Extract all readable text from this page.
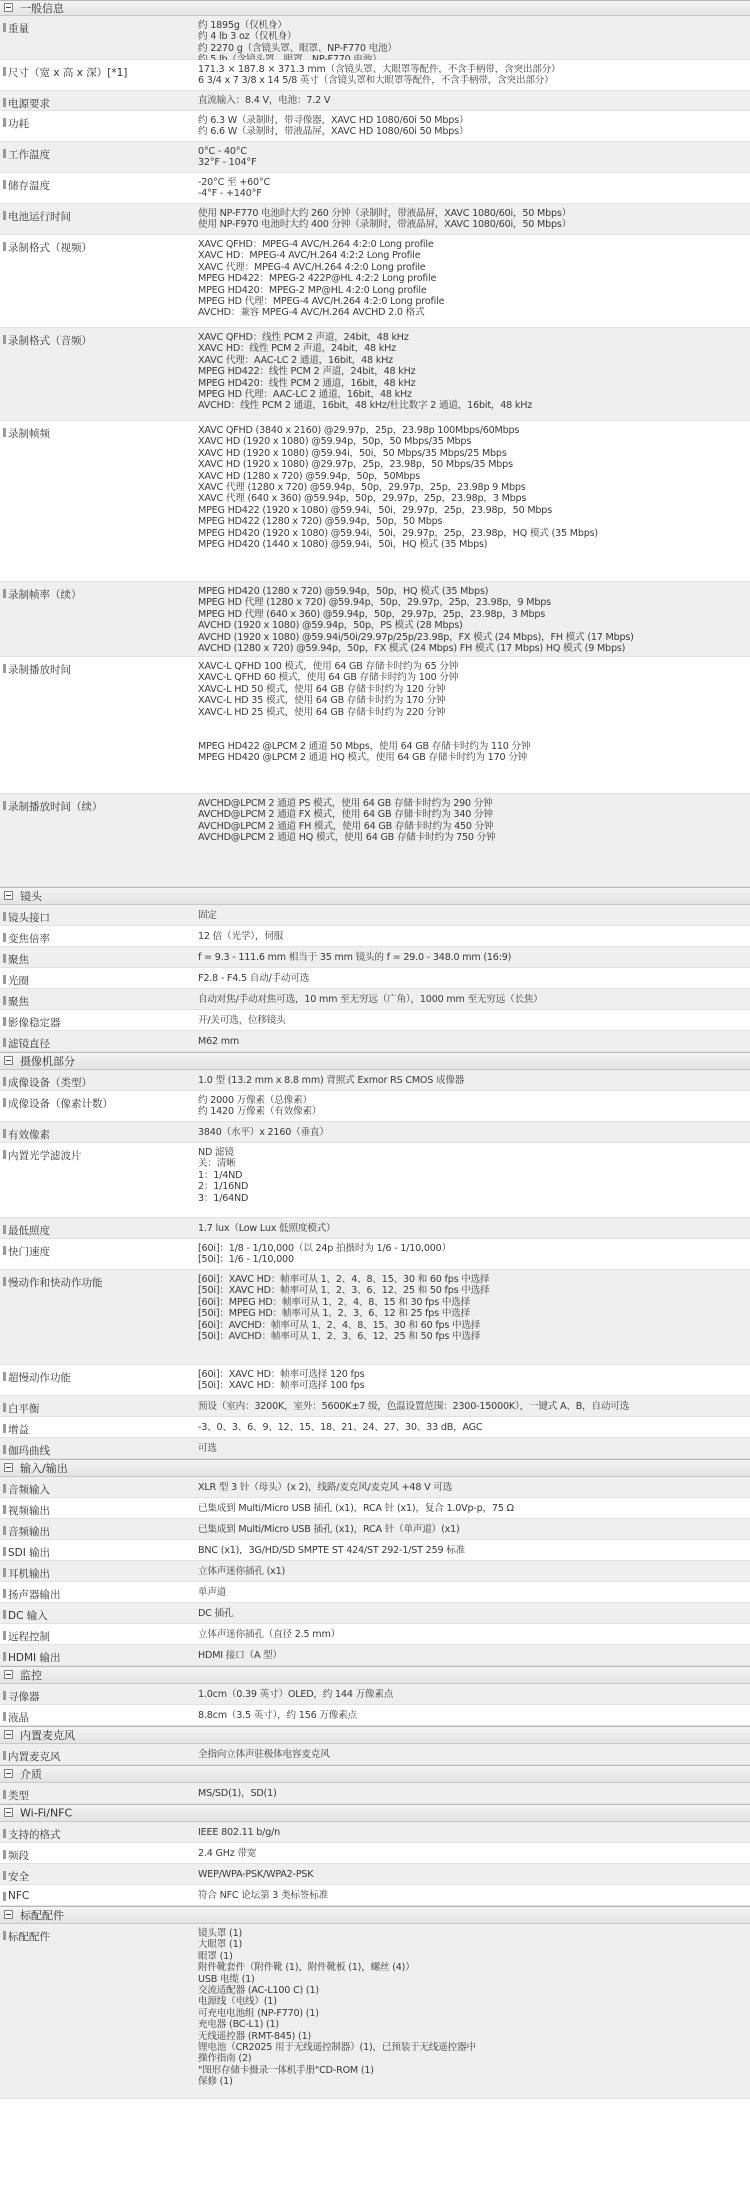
一般信息
重量	约 1895g（仅机身）
约 4 lb 3 oz（仅机身）
约 2270 g（含镜头罩、眼罩、NP-F770 电池）
尺寸（宽 x 高 x 深）[*1]	171.3 × 187.8 × 371.3 mm（含镜头罩、大眼罩等配件，不含手柄带，含突出部分）
6 3/4 x 7 3/8 x 14 5/8 英寸（含镜头罩和大眼罩等配件，不含手柄带，含突出部分）
电源要求	直流输入：8.4 V，电池：7.2 V
功耗	约 6.3 W（录制时，带寻像器，XAVC HD 1080/60i 50 Mbps）
约 6.6 W（录制时，带液晶屏，XAVC HD 1080/60i 50 Mbps）
工作温度	0°C - 40°C
32°F - 104°F
储存温度	-20°C 至 +60°C
-4°F - +140°F
电池运行时间	使用 NP-F770 电池时大约 260 分钟（录制时，带液晶屏，XAVC 1080/60i，50 Mbps）
使用 NP-F970 电池时大约 400 分钟（录制时，带液晶屏，XAVC 1080/60i，50 Mbps）
录制格式（视频）	XAVC QFHD：MPEG-4 AVC/H.264 4:2:0 Long profile
XAVC HD：MPEG-4 AVC/H.264 4:2:2 Long Profile
XAVC 代理：MPEG-4 AVC/H.264 4:2:0 Long profile
MPEG HD422：MPEG-2 422P@HL 4:2:2 Long profile
MPEG HD420：MPEG-2 MP@HL 4:2:0 Long profile
MPEG HD 代理：MPEG-4 AVC/H.264 4:2:0 Long profile
AVCHD：兼容 MPEG-4 AVC/H.264 AVCHD 2.0 格式
录制格式（音频）	XAVC QFHD：线性 PCM 2 声道，24bit，48 kHz
XAVC HD：线性 PCM 2 声道，24bit，48 kHz
XAVC 代理：AAC-LC 2 通道，16bit，48 kHz
MPEG HD422：线性 PCM 2 声道，24bit，48 kHz
MPEG HD420：线性 PCM 2 通道，16bit，48 kHz
MPEG HD 代理：AAC-LC 2 通道，16bit，48 kHz
AVCHD：线性 PCM 2 通道，16bit，48 kHz/杜比数字 2 通道，16bit，48 kHz
录制帧频	XAVC QFHD (3840 x 2160) @29.97p，25p，23.98p 100Mbps/60Mbps
XAVC HD (1920 x 1080) @59.94p，50p，50 Mbps/35 Mbps
XAVC HD (1920 x 1080) @59.94i，50i，50 Mbps/35 Mbps/25 Mbps
XAVC HD (1920 x 1080) @29.97p，25p，23.98p，50 Mbps/35 Mbps
XAVC HD (1280 x 720) @59.94p，50p，50Mbps
XAVC 代理 (1280 x 720) @59.94p，50p，29.97p，25p，23.98p 9 Mbps
XAVC 代理 (640 x 360) @59.94p，50p，29.97p，25p，23.98p，3 Mbps
MPEG HD422 (1920 x 1080) @59.94i，50i，29.97p，25p，23.98p，50 Mbps
MPEG HD422 (1280 x 720) @59.94p，50p，50 Mbps
MPEG HD420 (1920 x 1080) @59.94i，50i，29.97p，25p，23.98p，HQ 模式 (35 Mbps)
MPEG HD420 (1440 x 1080) @59.94i，50i，HQ 模式 (35 Mbps)
录制帧率（续）	MPEG HD420 (1280 x 720) @59.94p，50p，HQ 模式 (35 Mbps)
MPEG HD 代理 (1280 x 720) @59.94p，50p，29.97p，25p，23.98p，9 Mbps
MPEG HD 代理 (640 x 360) @59.94p，50p，29.97p，25p，23.98p，3 Mbps
AVCHD (1920 x 1080) @59.94p，50p，PS 模式 (28 Mbps)
AVCHD (1920 x 1080) @59.94i/50i/29.97p/25p/23.98p，FX 模式 (24 Mbps)，FH 模式 (17 Mbps)
AVCHD (1280 x 720) @59.94p，50p，FX 模式 (24 Mbps) FH 模式 (17 Mbps) HQ 模式 (9 Mbps)
录制播放时间	XAVC-L QFHD 100 模式，使用 64 GB 存储卡时约为 65 分钟
XAVC-L QFHD 60 模式，使用 64 GB 存储卡时约为 100 分钟
XAVC-L HD 50 模式，使用 64 GB 存储卡时约为 120 分钟
XAVC-L HD 35 模式，使用 64 GB 存储卡时约为 170 分钟
XAVC-L HD 25 模式，使用 64 GB 存储卡时约为 220 分钟
MPEG HD422 @LPCM 2 通道 50 Mbps，使用 64 GB 存储卡时约为 110 分钟
MPEG HD420 @LPCM 2 通道 HQ 模式，使用 64 GB 存储卡时约为 170 分钟
录制播放时间（续）	AVCHD@LPCM 2 通道 PS 模式，使用 64 GB 存储卡时约为 290 分钟
AVCHD@LPCM 2 通道 FX 模式，使用 64 GB 存储卡时约为 340 分钟
AVCHD@LPCM 2 通道 FH 模式，使用 64 GB 存储卡时约为 450 分钟
AVCHD@LPCM 2 通道 HQ 模式，使用 64 GB 存储卡时约为 750 分钟
镜头
镜头接口	固定
变焦倍率	12 倍（光学），伺服
聚焦	f = 9.3 - 111.6 mm 相当于 35 mm 镜头的 f = 29.0 - 348.0 mm (16:9)
光圈	F2.8 - F4.5 自动/手动可选
聚焦	自动对焦/手动对焦可选，10 mm 至无穷远（广角），1000 mm 至无穷远（长焦）
影像稳定器	开/关可选，位移镜头
滤镜直径	M62 mm
摄像机部分
成像设备（类型）	1.0 型 (13.2 mm x 8.8 mm) 背照式 Exmor RS CMOS 成像器
成像设备（像素计数）	约 2000 万像素（总像素）
约 1420 万像素（有效像素）
有效像素	3840（水平）x 2160（垂直）
内置光学滤波片	ND 滤镜
关：清晰
1：1/4ND
2：1/16ND
3：1/64ND
最低照度	1.7 lux（Low Lux 低照度模式）
快门速度	[60i]：1/8 - 1/10,000（以 24p 拍摄时为 1/6 - 1/10,000）
[50i]：1/6 - 1/10,000
慢动作和快动作功能	[60i]：XAVC HD：帧率可从 1、2、4、8、15、30 和 60 fps 中选择
[50i]：XAVC HD：帧率可从 1、2、3、6、12、25 和 50 fps 中选择
[60i]：MPEG HD：帧率可从 1、2、4、8、15 和 30 fps 中选择
[50i]：MPEG HD：帧率可从 1、2、3、6、12 和 25 fps 中选择
[60i]：AVCHD：帧率可从 1、2、4、8、15、30 和 60 fps 中选择
[50i]：AVCHD：帧率可从 1、2、3、6、12、25 和 50 fps 中选择
超慢动作功能	[60i]：XAVC HD：帧率可选择 120 fps
[50i]：XAVC HD：帧率可选择 100 fps
白平衡	预设（室内：3200K，室外：5600K±7 级，色温设置范围：2300-15000K），一键式 A、B，自动可选
增益	-3、0、3、6、9、12、15、18、21、24、27、30、33 dB，AGC
伽玛曲线	可选
输入/输出
音频输入	XLR 型 3 针（母头）(x 2)，线路/麦克风/麦克风 +48 V 可选
视频输出	已集成到 Multi/Micro USB 插孔 (x1)，RCA 针 (x1)，复合 1.0Vp-p，75 Ω
音频输出	已集成到 Multi/Micro USB 插孔 (x1)，RCA 针（单声道）(x1)
SDI 输出	BNC (x1)，3G/HD/SD SMPTE ST 424/ST 292-1/ST 259 标准
耳机输出	立体声迷你插孔 (x1)
扬声器输出	单声道
DC 输入	DC 插孔
远程控制	立体声迷你插孔（直径 2.5 mm）
HDMI 输出	HDMI 接口（A 型）
监控
寻像器	1.0cm（0.39 英寸）OLED，约 144 万像素点
液晶	8.8cm（3.5 英寸），约 156 万像素点
内置麦克风
内置麦克风	全指向立体声驻极体电容麦克风
介质
类型	MS/SD(1)，SD(1)
Wi-Fi/NFC
支持的格式	IEEE 802.11 b/g/n
频段	2.4 GHz 带宽
安全	WEP/WPA-PSK/WPA2-PSK
NFC	符合 NFC 论坛第 3 类标签标准
标配配件
标配配件	镜头罩 (1)
大眼罩 (1)
眼罩 (1)
附件靴套件（附件靴 (1)，附件靴板 (1)，螺丝 (4)）
USB 电缆 (1)
交流适配器 (AC-L100 C) (1)
电源线（电线）(1)
可充电电池组 (NP-F770) (1)
充电器 (BC-L1) (1)
无线遥控器 (RMT-845) (1)
锂电池（CR2025 用于无线遥控制器）(1)，已预装于无线遥控器中
操作指南 (2)
"图形存储卡摄录一体机手册"CD-ROM (1)
保修 (1)
